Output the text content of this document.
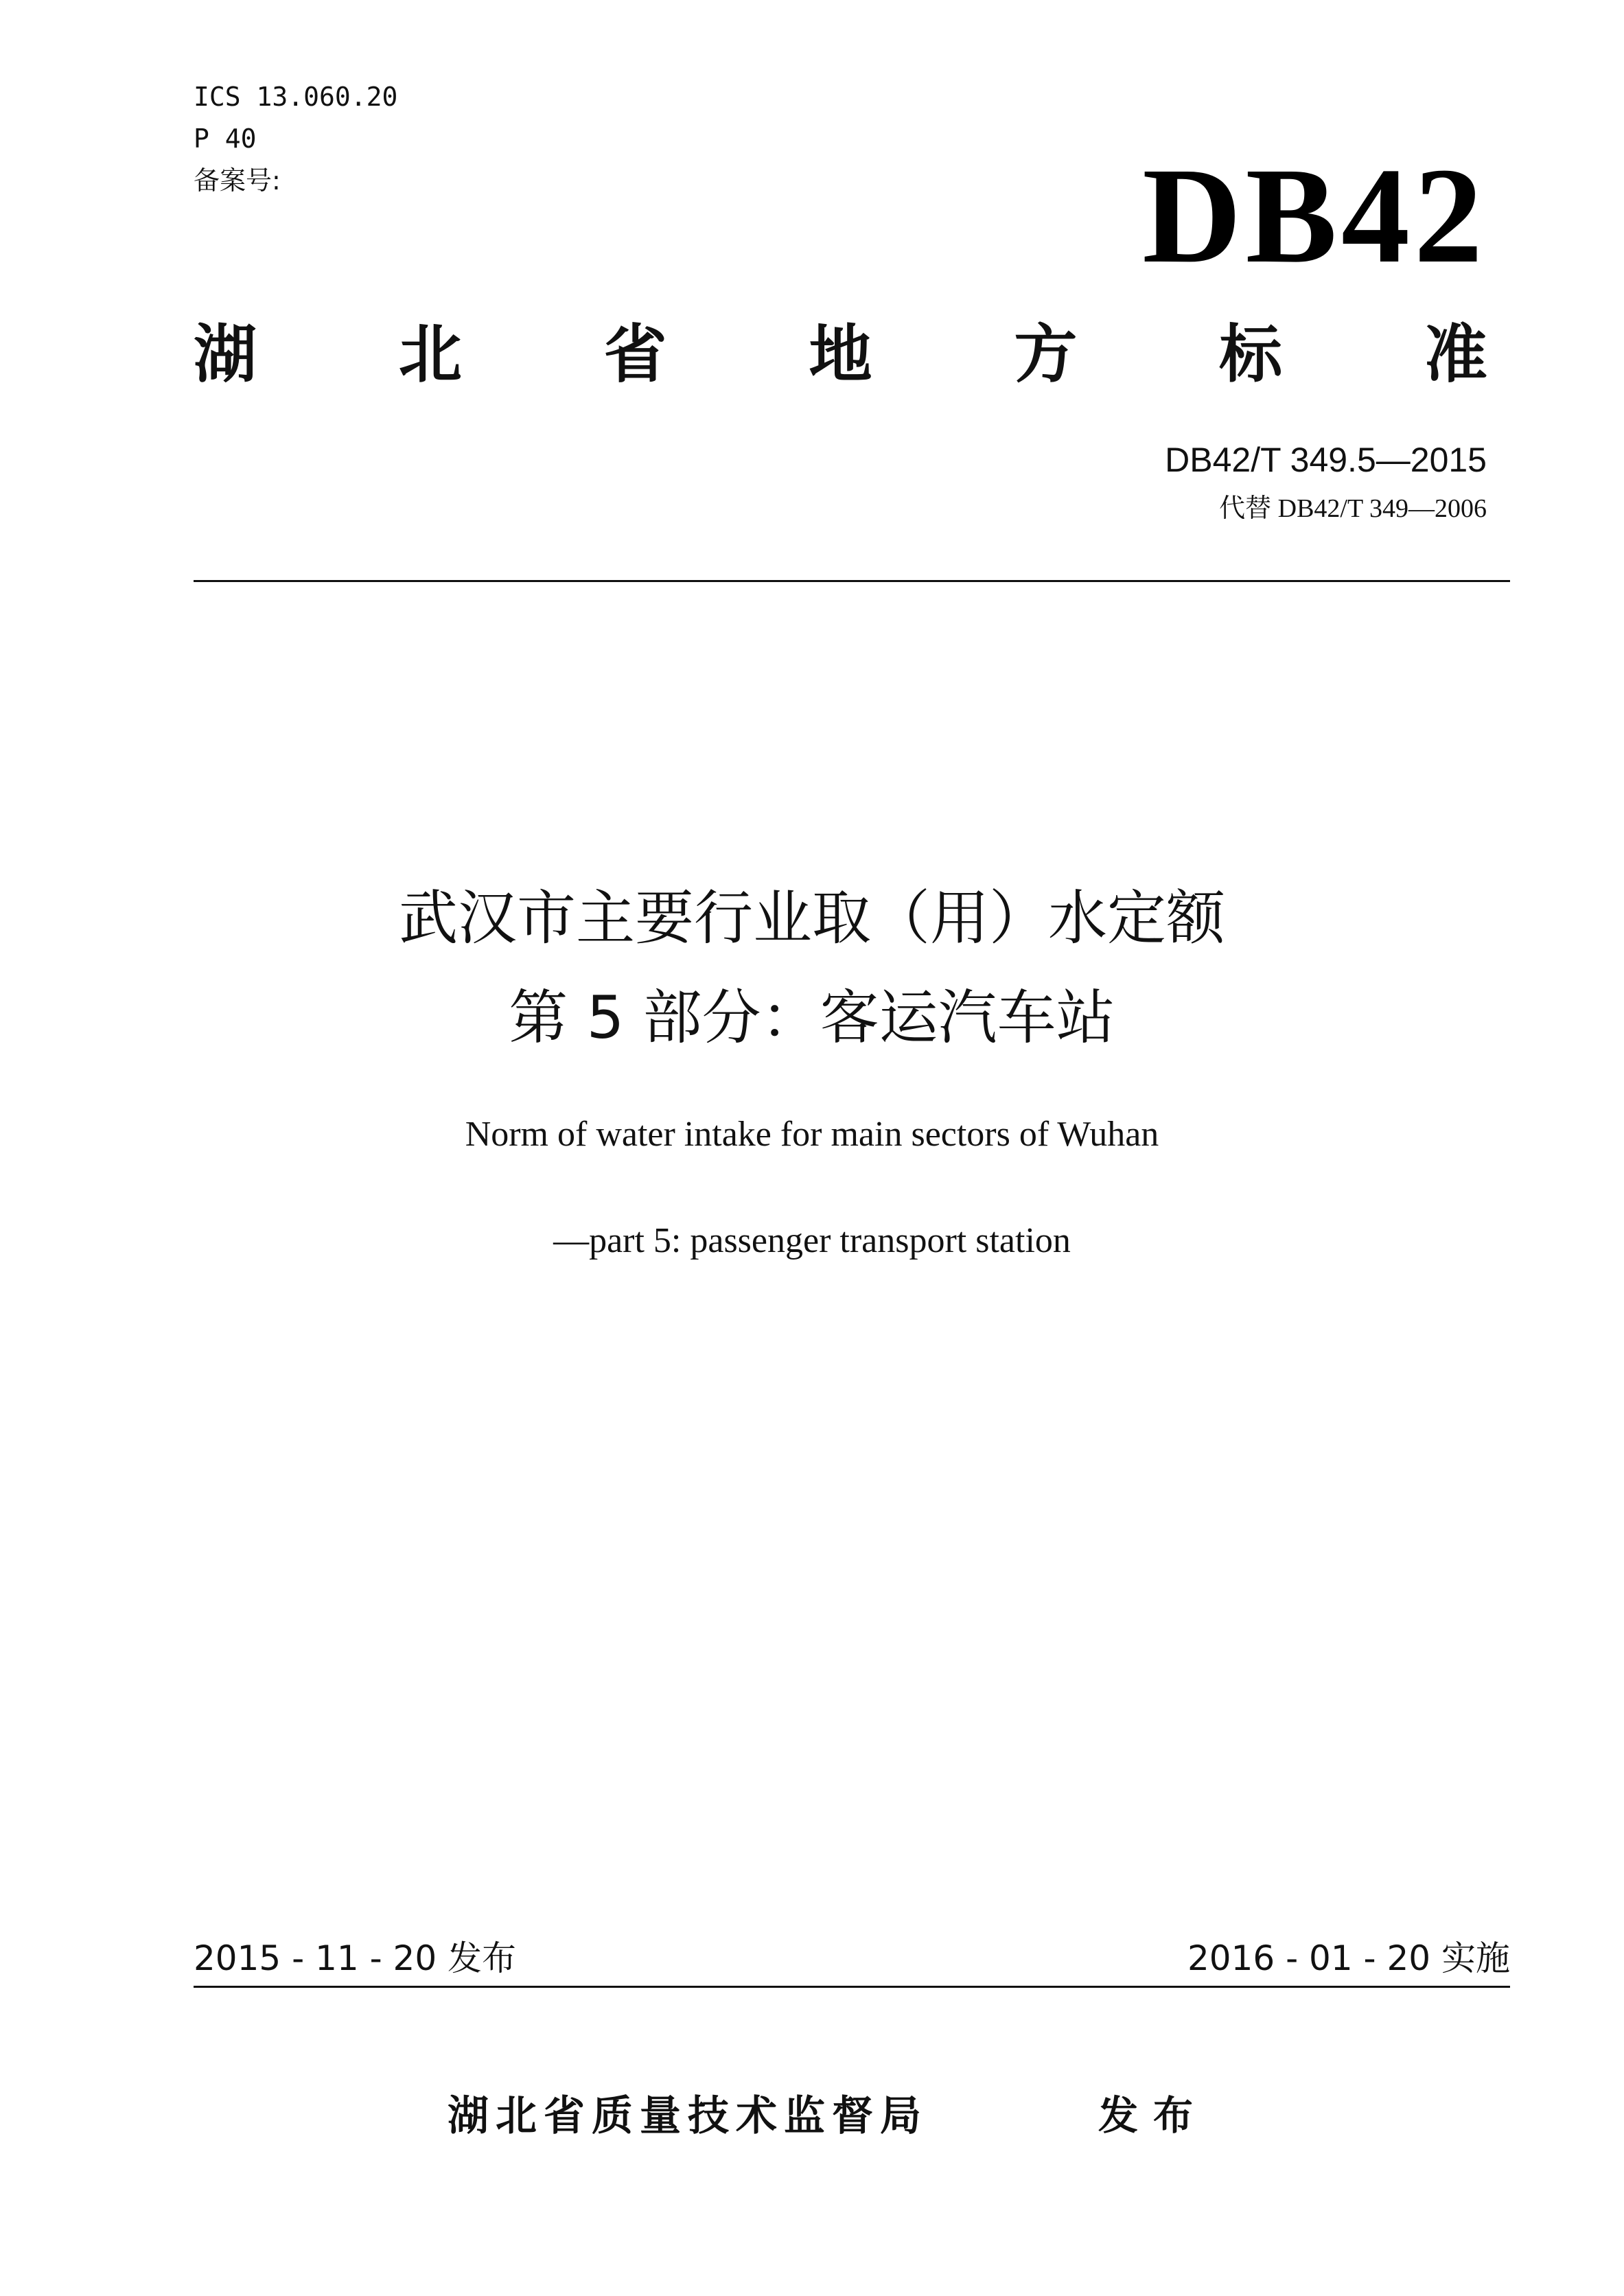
ICS 13.060.20
P 40
备案号:	DB42
湖 北 省 地 方 标 准
DB42/T 349.5—2015
代替 DB42/T 349—2006
武汉市主要行业取（用）水定额
第 5 部分：客运汽车站
Norm of water intake for main sectors of Wuhan
—part 5: passenger transport station
2015 - 11 - 20 发布	2016 - 01 - 20 实施
湖北省质量技术监督局	发布
